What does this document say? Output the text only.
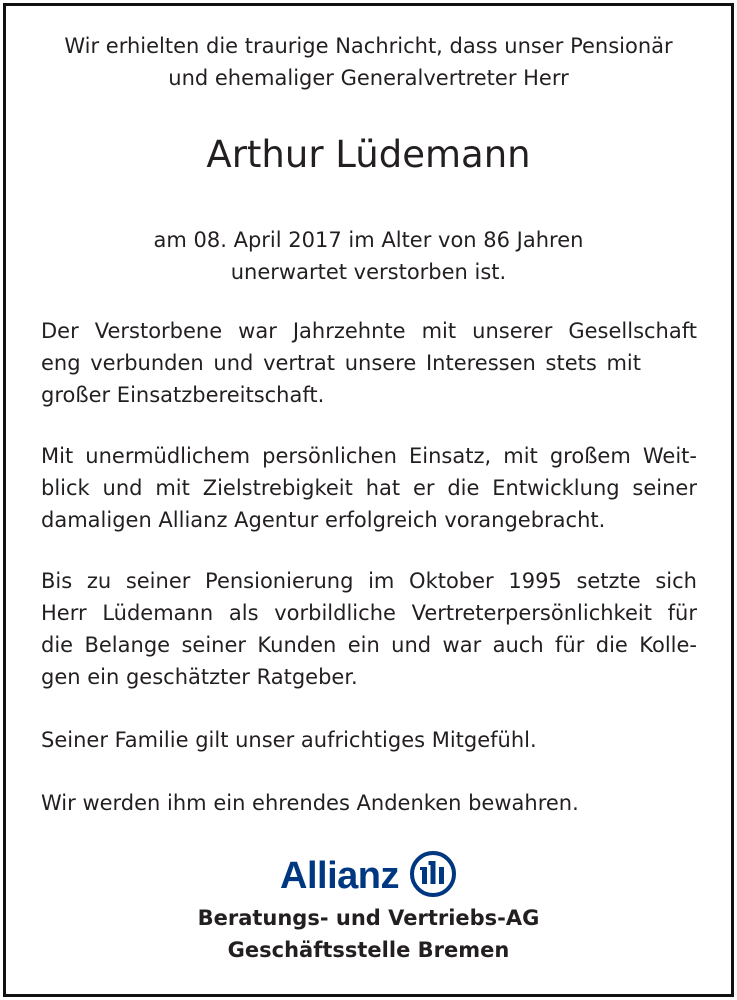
Wir erhielten die traurige Nachricht, dass unser Pensionär
und ehemaliger Generalvertreter Herr
Arthur Lüdemann
am 08. April 2017 im Alter von 86 Jahren
unerwartet verstorben ist.
Der Verstorbene war Jahrzehnte mit unserer Gesellschaft
eng verbunden und vertrat unsere Interessen stets mit
großer Einsatzbereitschaft.
Mit unermüdlichem persönlichen Einsatz, mit großem Weit-
blick und mit Zielstrebigkeit hat er die Entwicklung seiner
damaligen Allianz Agentur erfolgreich vorangebracht.
Bis zu seiner Pensionierung im Oktober 1995 setzte sich
Herr Lüdemann als vorbildliche Vertreterpersönlichkeit für
die Belange seiner Kunden ein und war auch für die Kolle-
gen ein geschätzter Ratgeber.
Seiner Familie gilt unser aufrichtiges Mitgefühl.
Wir werden ihm ein ehrendes Andenken bewahren.
Allianz
Beratungs- und Vertriebs-AG
Geschäftsstelle Bremen
